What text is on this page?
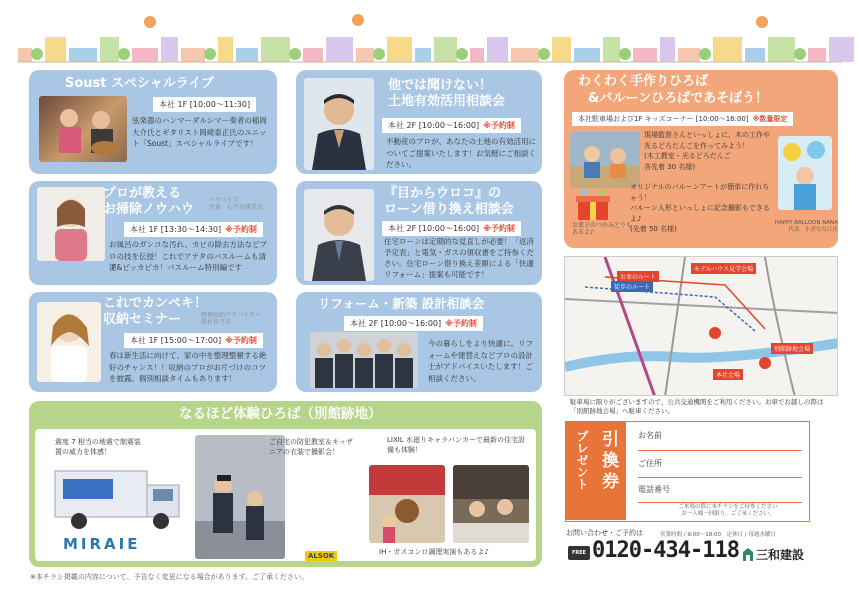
Soust スペシャルライブ
本社 1F [10:00～11:30]
弦楽器のハンマーダルシマー奏者の稲岡大介氏とギタリスト岡崎泰正氏のユニット「Soust」スペシャルライブです！
プロが教える
お掃除ノウハウ
ハウスビズ
代表　石川奈雅美氏
本社 1F [13:30～14:30] ※予約制
お風呂のガンコな汚れ、カビの除去方法などプロの技を伝授！これでアナタのバスルームも清潔&ピッカピカ！バスルーム特別編です
これでカンペキ！
収納セミナー	整理収納アドバイザー
柴村真弓氏
本社 1F [15:00～17:00] ※予約制
春は新生活に向けて、家の中を整理整頓する絶好のチャンス！！収納のプロがお片づけのコツを披露。個別相談タイムもあります！
他では聞けない！
土地有効活用相談会
本社 2F [10:00～16:00] ※予約制
不動産のプロが、あなたの土地の有効活用についてご提案いたします！お気軽にご相談ください。
『目からウロコ』の
ローン借り換え相談会
本社 2F [10:00～16:00] ※予約制
住宅ローンは定期的な見直しが必要！「返済予定表」と電気・ガスの領収書をご持参ください。住宅ローン借り換え差額による「快適リフォーム」提案も可能です！
リフォーム・新築 設計相談会
本社 2F [10:00～16:00] ※予約制
今の暮らしをより快適に。リフォームや建替えなどプロの設計士がアドバイスいたします！ご相談ください。
わくわく手作りひろば
&バルーンひろばであそぼう！
本社駐車場および1F キッズコーナー [10:00～16:00] ※数量限定
現場監督さんといっしょに、木の工作や光るどろだんごを作ってみよう！
(木工教室・光るどろだんご
各先着 30 名様)
お菓子のつかみどりもあるよ♪
オリジナルのバルーンアートが簡単に作れちゃう！
バルーン人形といっしょに記念撮影もできるよ♪
(先着 50 名様)
HAPPY BALLOON NANA
代表　小宮なな江氏
モデルハウス見学会場
お車のルート
徒歩のルート
別館跡地会場
本社会場
駐車場に限りがございますので、公共交通機関をご利用ください。お車でお越しの際は「別館跡地会場」へ駐車ください。
なるほど体験ひろば（別館跡地）
震度 7 相当の地震で制震装置の威力を体感！
MIRAIE
ご自宅の防犯教室＆キッザニアの衣装で撮影会！
ALSOK
LIXIL 水廻りキャラバンカーで最新の住宅設備も体験！
IH・ガスコンロ調理実演もあるよ♪
プレゼント 引換券	お名前
ご住所
電話番号
ご来場の際に本チラシをご持参ください
お一人様一回限り。ご了承ください。
お問い合わせ・ご予約は	営業時間 / 9:00～18:00　定休日 / 毎週水曜日
FREE 0120-434-118 三和建設
※本チラシ掲載の内容について、予告なく変更になる場合があります。ご了承ください。
